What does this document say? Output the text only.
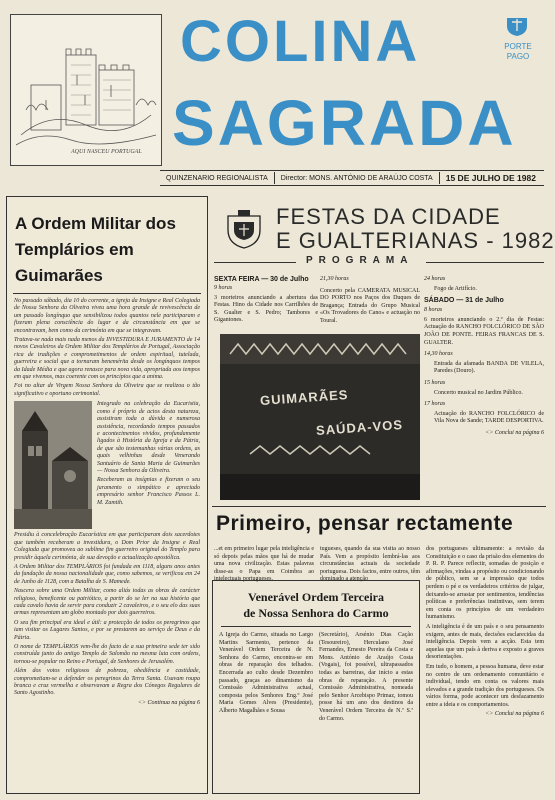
AQUI NASCEU PORTUGAL
COLINA
SAGRADA
PORTE
PAGO
QUINZENARIO REGIONALISTA	Director: MONS. ANTÓNIO DE ARAÚJO COSTA	15 DE JULHO DE 1982
A Ordem Militar dos
Templários em Guimarães

No passado sábado, dia 10 do corrente, a igreja da Insigne e Real Colegiada de Nossa Senhora da Oliveira viveu uma hora grande de revivescência de um passado longínquo que sensibilizou todos quantos nele participaram e fizeram plena consciência do lugar e da circunstância em que se encontravam, bem como da cerimónia em que se integravam.

Tratava-se nada mais nada menos da INVESTIDURA E JURAMENTO de 14 novos Cavaleiros da Ordem Militar dos Templários de Portugal, Associação rica de tradições e comprometimentos de ordem espiritual, tutelada, guerreira e social que a tornaram benemérita desde os longínquos tempos da Idade Média e que agora renasce para nova vida, apropriada aos tempos em que vivemos, mas coerente com os princípios que a anima.

Foi no altar de Virgem Nossa Senhora da Oliveira que se realizou o tão significativo e oportuno cerimonial.

Integrado na celebração da Eucaristia, como é próprio de actos desta natureza, assistiram toda a dúvida e numerosa assistência, recordando tempos passados e acontecimentos vividos, profundamente ligados à História da Igreja e da Pátria, de que são testemunhas várias ordens, as quais velhinhas desde Venerando Santuário de Santa Maria de Guimarães — Nossa Senhora da Oliveira.

Receberam as insígnias e fizeram o seu juramento o simpático e apreciado empresário senhor Francisco Passos L. M. Zamith.

Presidiu à concelebração Eucarística em que participaram dois sacerdotes que também receberam a investidura, o Dom Prior da Insigne e Real Colegiada que promoveu ao sublime fim guerreiro original do Templo para presidir àquela cerimónia, de sua devoção e actualização apostólica.

A Ordem Militar dos TEMPLÁRIOS foi fundada em 1118, alguns anos antes da fundação da nossa nacionalidade que, como sabemos, se verificou em 24 de Junho de 1128, com a Batalha de S. Mamede.

Nascera sobre uma Ordem Militar, como aliás todas as obras de carácter religioso, beneficente ou patriótico, a partir do se ler na sua história que cada cavalo havia de servir para conduzir 2 cavaleiros, e o seu elo das suas armas representam um globo montado por dois guerreiros.

O seu fim principal era ideal e útil: a protecção de todos os peregrinos que iam visitar os Lugares Santos, e por se prestarem ao serviço de Deus e da Pátria.

O nome de TEMPLÁRIOS vem-lhe do facto de a sua primeira sede ter sido construída junto do antigo Templo de Salomão na mesma luta com ordens, tornou-se popular no Reino e Portugal, de Senhores de Jerusalém.

Além dos votos religiosos de pobreza, obediência e castidade, comprometiam-se a defender os peregrinos da Terra Santa. Usavam roupa branca e cruz vermelha e observavam a Regra dos Cónegos Regulares de Santo Agostinho.

<> Continua na página 6
FESTAS DA CIDADE
E GUALTERIANAS - 1982
PROGRAMA
SEXTA FEIRA — 30 de Julho
9 horas
3 morteiros anunciando a abertura das Festas. Hino da Cidade nos Carrilhões de S. Gualter e S. Pedro; Tambores e Gigantones.
21,30 horas
Concerto pela CAMERATA MUSICAL DO PORTO nos Paços dos Duques de Bragança; Entrada do Grupo Musical «Os Trovadores do Cano» e actuação no Toural.
24 horas
Fogo de Artifício.
SÁBADO — 31 de Julho
8 horas
6 morteiros anunciando o 2.º dia de Festas: Actuação do RANCHO FOLCLÓRICO DE SÃO JOÃO DE PONTE. FEIRAS FRANCAS DE S. GUALTER.
14,30 horas
Entrada da afamada BANDA DE VILELA, Paredes (Douro).
15 horas
Concerto musical no Jardim Público.
17 horas
Actuação do RANCHO FOLCLÓRICO de Vila Nova de Sande; TARDE DESPORTIVA.
<> Conclui na página 6
GUIMARÃES
SAÚDA-VOS
Primeiro, pensar rectamente

...et em primeiro lugar pela inteligência e só depois pelas mãos que há de mudar uma nova civilização. Estas palavras disse-as o Papa em Coimbra ao intelectuais portugueses.

tugueses, quando da sua visita ao nosso País. Vem a propósito lembrá-las aos circunstâncias actuais da sociedade portuguesa. Dois factos, entre outros, têm dominado a atenção

dos portugueses ultimamente: a revisão da Constituição e o caso da prisão dos elementos do P. R. P. Parece reflectir, somadas de posição e afirmações, vindas a propósito ou condicionando de público, sem se a impressão que todos perdem o pé e os verdadeiros critérios de julgar, deixando-se arrastar por sentimentos, tendências políticas e preferências instintivas, sem terem em conta os princípios de um verdadeiro humanismo.

A inteligência é de um país e o seu pensamento exigem, antes de mais, decisões esclarecidas da inteligência. Depois vem a acção. Esta tem aquelas que um país à deriva e exposto a graves desorientações.

Em tudo, o homem, a pessoa humana, deve estar no centro de um ordenamento comunitário e individual, tendo em conta os valores mais elevados e a grande tradição dos portugueses. Os vários forma, pode acontecer um desfazamento entre a ideia e os comportamentos.

<> Conclui na página 6
Venerável Ordem Terceira
de Nossa Senhora do Carmo

A Igreja do Carmo, situada no Largo Martins Sarmento, pertence da Venerável Ordem Terceira de N. Senhora do Carmo, encontra-se em obras de reparação dos telhados. Encerrada ao culto desde Dezembro passado, graças ao dinamismo da Comissão Administrativa actual, composta pelos Senhores Eng.º José Maria Gomes Alves (Presidente), Alberto Magalhães e Sousa

(Secretário), Arsénio Dias Cação (Tesoureiro), Herculano José Fernandes, Ernesto Pereira da Costa e Mons. António de Araújo Costa (Vogais), foi possível, ultrapassados todas as barreiras, dar início a estas obras de reparação. A presente Comissão Administrativa, nomeada pelo Senhor Arcebispo Primaz, tomou posse há um ano dos destinos da Venerável Ordem Terceira de N.ª S.ª do Carmo.
